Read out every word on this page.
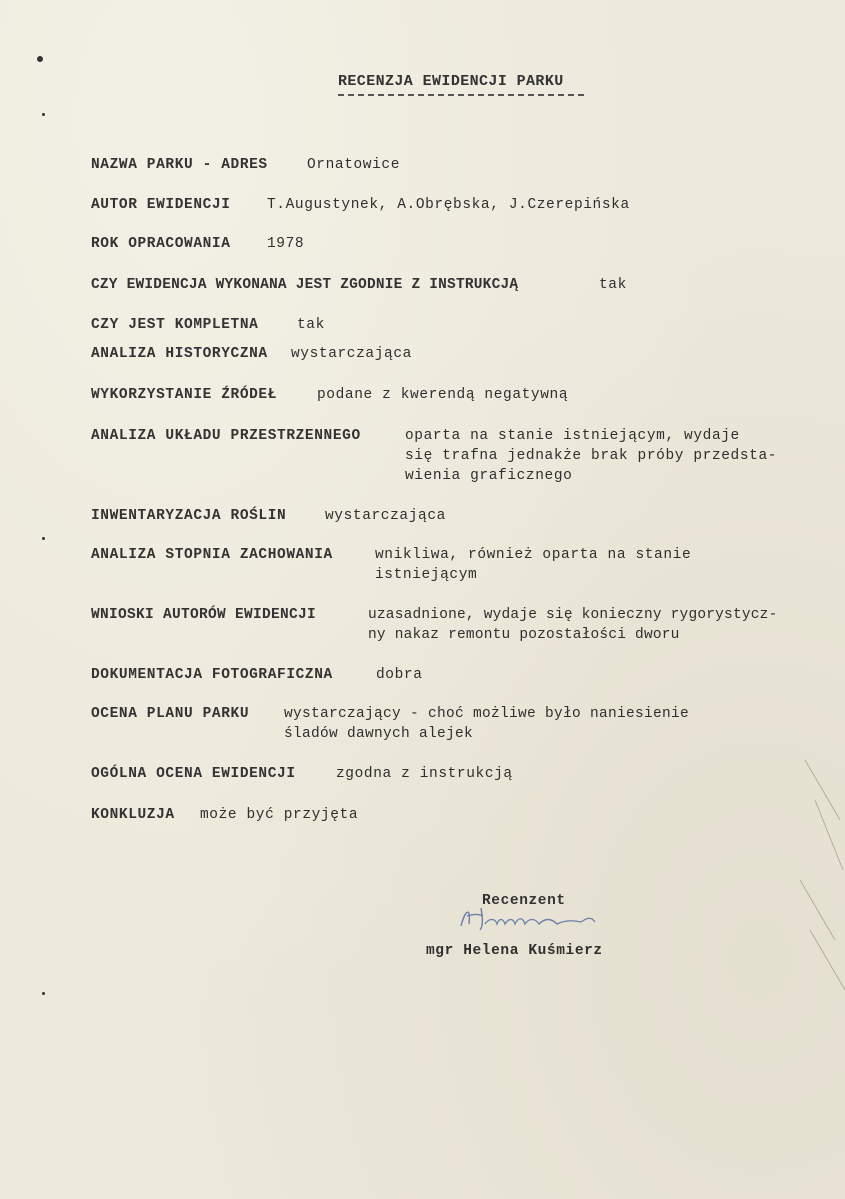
RECENZJA EWIDENCJI PARKU
NAZWA PARKU - ADRES	Ornatowice
AUTOR EWIDENCJI	T.Augustynek, A.Obrębska, J.Czerepińska
ROK OPRACOWANIA	1978
CZY EWIDENCJA WYKONANA JEST ZGODNIE Z INSTRUKCJĄ	tak
CZY JEST KOMPLETNA	tak
ANALIZA HISTORYCZNA wystarczająca
WYKORZYSTANIE ŹRÓDEŁ	podane z kwerendą negatywną
ANALIZA UKŁADU PRZESTRZENNEGO	oparta na stanie istniejącym, wydaje
się trafna jednakże brak próby przedsta-
wienia graficznego
INWENTARYZACJA ROŚLIN	wystarczająca
ANALIZA STOPNIA ZACHOWANIA	wnikliwa, również oparta na stanie
istniejącym
WNIOSKI AUTORÓW EWIDENCJI	uzasadnione, wydaje się konieczny rygorystycz-
ny nakaz remontu pozostałości dworu
DOKUMENTACJA FOTOGRAFICZNA	dobra
OCENA PLANU PARKU wystarczający - choć możliwe było naniesienie
śladów dawnych alejek
OGÓLNA OCENA EWIDENCJI	zgodna z instrukcją
KONKLUZJA może być przyjęta
Recenzent
mgr Helena Kuśmierz
